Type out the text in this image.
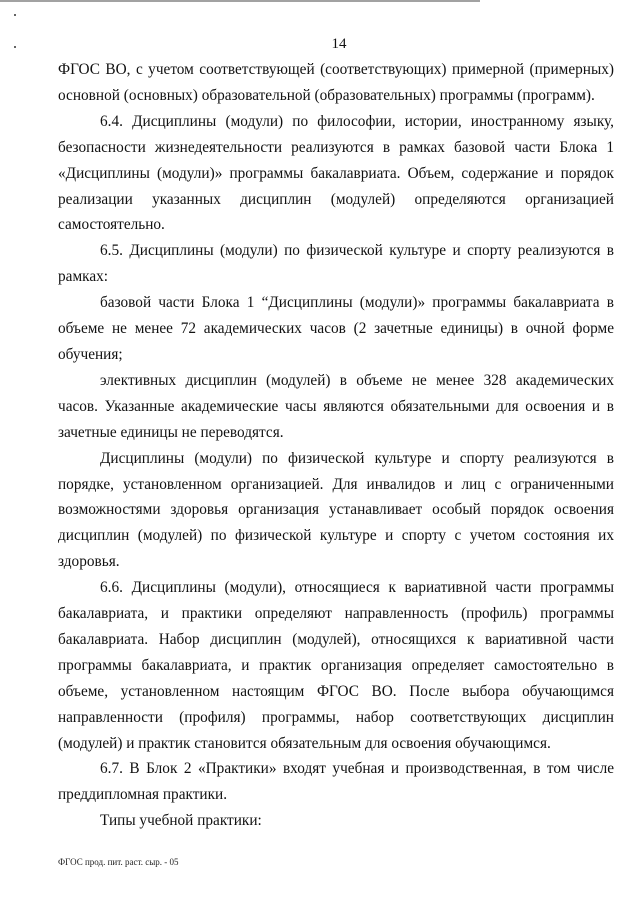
14

ФГОС ВО, с учетом соответствующей (соответствующих) примерной (примерных) основной (основных) образовательной (образовательных) программы (программ).

6.4. Дисциплины (модули) по философии, истории, иностранному языку, безопасности жизнедеятельности реализуются в рамках базовой части Блока 1 «Дисциплины (модули)» программы бакалавриата. Объем, содержание и порядок реализации указанных дисциплин (модулей) определяются организацией самостоятельно.

6.5. Дисциплины (модули) по физической культуре и спорту реализуются в рамках:

базовой части Блока 1 “Дисциплины (модули)» программы бакалавриата в объеме не менее 72 академических часов (2 зачетные единицы) в очной форме обучения;

элективных дисциплин (модулей) в объеме не менее 328 академических часов. Указанные академические часы являются обязательными для освоения и в зачетные единицы не переводятся.

Дисциплины (модули) по физической культуре и спорту реализуются в порядке, установленном организацией. Для инвалидов и лиц с ограниченными возможностями здоровья организация устанавливает особый порядок освоения дисциплин (модулей) по физической культуре и спорту с учетом состояния их здоровья.

6.6. Дисциплины (модули), относящиеся к вариативной части программы бакалавриата, и практики определяют направленность (профиль) программы бакалавриата. Набор дисциплин (модулей), относящихся к вариативной части программы бакалавриата, и практик организация определяет самостоятельно в объеме, установленном настоящим ФГОС ВО. После выбора обучающимся направленности (профиля) программы, набор соответствующих дисциплин (модулей) и практик становится обязательным для освоения обучающимся.

6.7. В Блок 2 «Практики» входят учебная и производственная, в том числе преддипломная практики.

Типы учебной практики:

ФГОС прод. пит. раст. сыр. - 05
